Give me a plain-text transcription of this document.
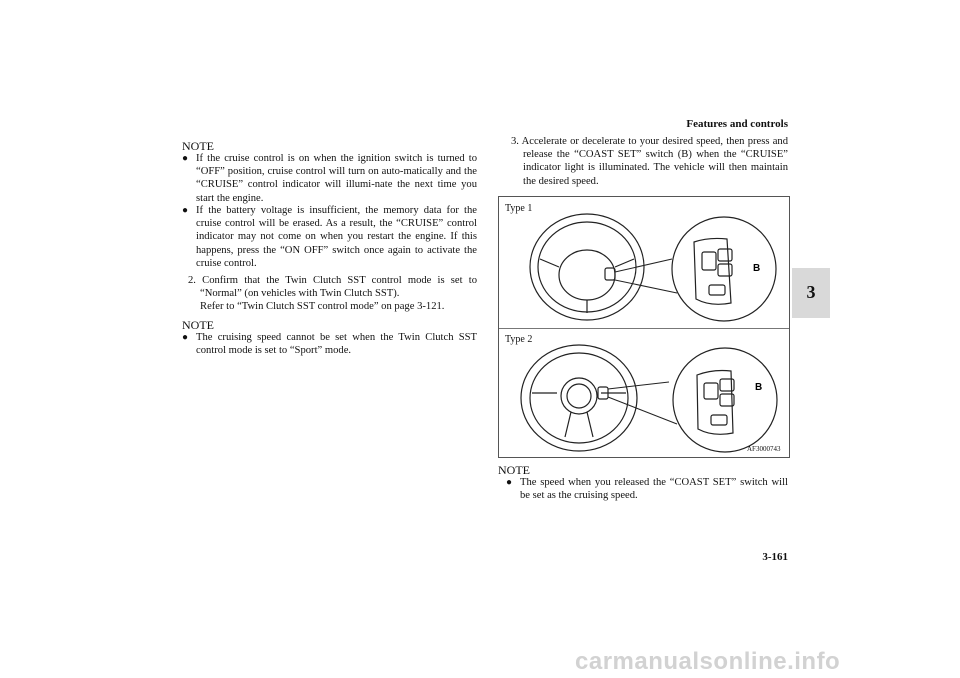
Features and controls
3
NOTE
● If the cruise control is on when the ignition switch is turned to “OFF” position, cruise control will turn on auto-matically and the “CRUISE” control indicator will illumi-nate the next time you start the engine.
● If the battery voltage is insufficient, the memory data for the cruise control will be erased. As a result, the “CRUISE” control indicator may not come on when you restart the engine. If this happens, press the “ON OFF” switch once again to activate the cruise control.
2. Confirm that the Twin Clutch SST control mode is set to “Normal” (on vehicles with Twin Clutch SST).
Refer to “Twin Clutch SST control mode” on page 3-121.
NOTE
● The cruising speed cannot be set when the Twin Clutch SST control mode is set to “Sport” mode.
3. Accelerate or decelerate to your desired speed, then press and release the “COAST SET” switch (B) when the “CRUISE” indicator light is illuminated. The vehicle will then maintain the desired speed.
Type 1
Type 2
B
B
AF3000743
NOTE
● The speed when you released the “COAST SET” switch will be set as the cruising speed.
3-161
carmanualsonline.info
